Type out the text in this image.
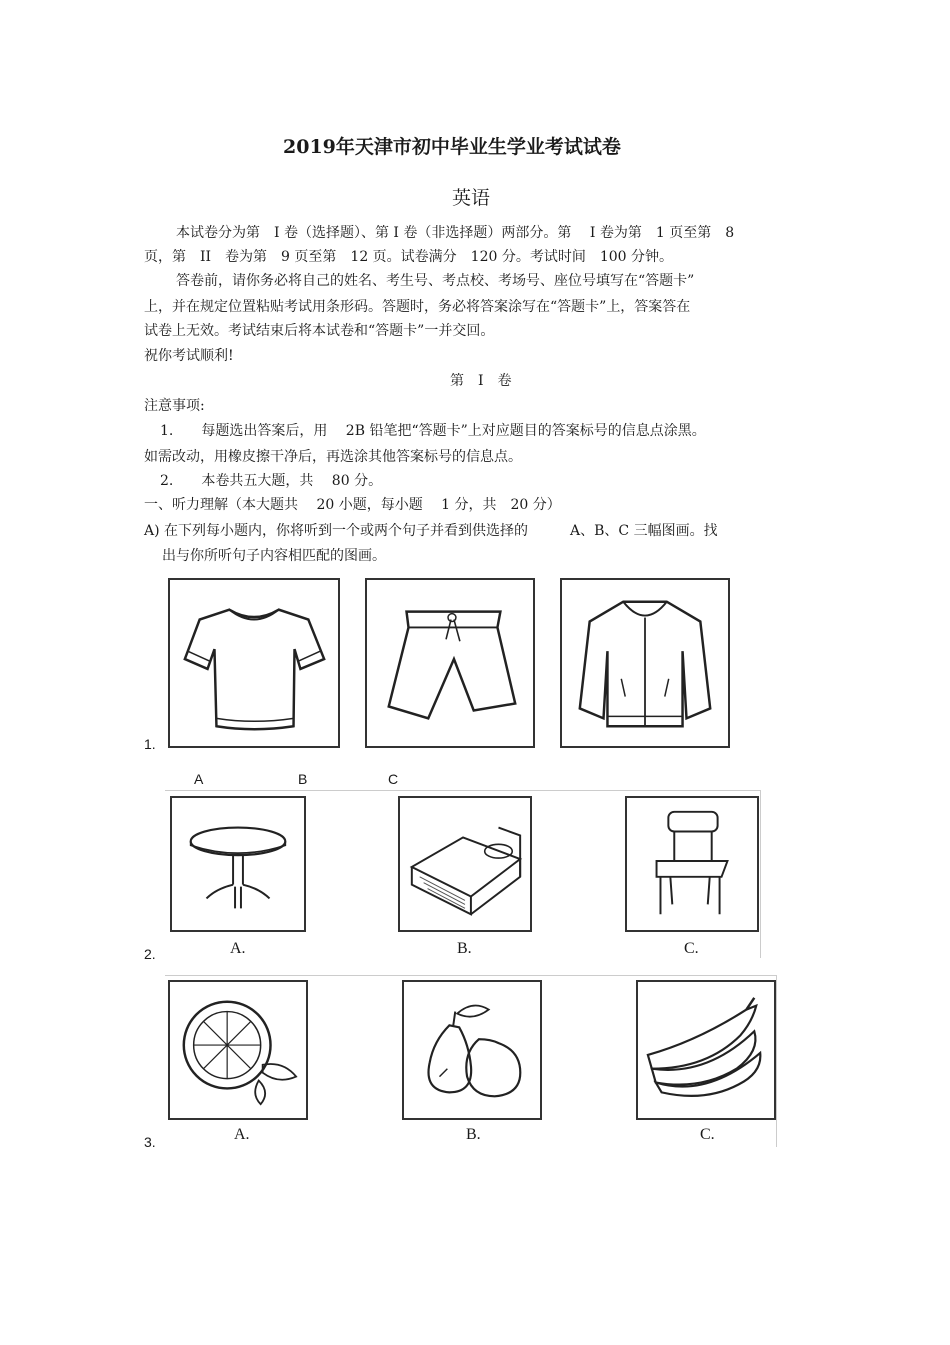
2019年天津市初中毕业生学业考试试卷
英语
本试卷分为第　I 卷（选择题）、第 I 卷（非选择题）两部分。第　 I 卷为第　1 页至第　8
页，第　II　卷为第　9 页至第　12 页。试卷满分　120 分。考试时间　100 分钟。
答卷前，请你务必将自己的姓名、考生号、考点校、考场号、座位号填写在“答题卡”
上，并在规定位置粘贴考试用条形码。答题时，务必将答案涂写在“答题卡”上，答案答在
试卷上无效。考试结束后将本试卷和“答题卡”一并交回。
祝你考试顺利!
第　I　卷
注意事项:
1.　　每题选出答案后，用　 2B 铅笔把“答题卡”上对应题目的答案标号的信息点涂黑。
如需改动，用橡皮擦干净后，再选涂其他答案标号的信息点。
2.　　本卷共五大题，共　 80 分。
一、听力理解（本大题共　 20 小题，每小题　 1 分，共　20 分）
A) 在下列每小题内，你将听到一个或两个句子并看到供选择的　　　A、B、C 三幅图画。找
出与你所听句子内容相匹配的图画。
1.
A	B	C
2.	A.	B.	C.
3.	A.	B.	C.
